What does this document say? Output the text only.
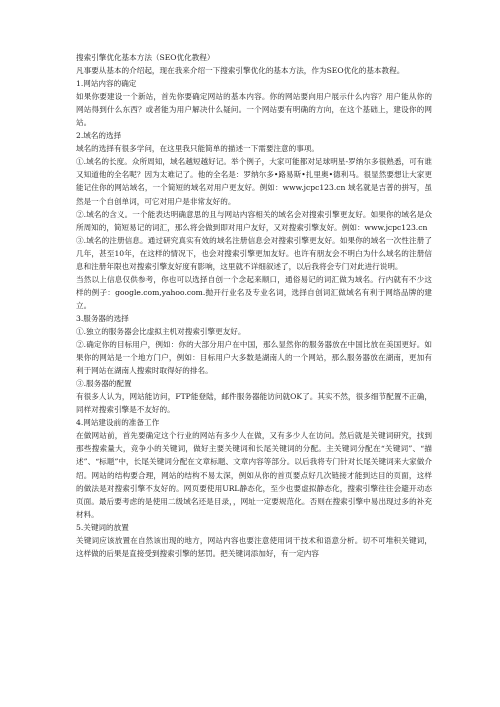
搜索引擎优化基本方法（SEO优化教程）

凡事要从基本的介绍起，现在我来介绍一下搜索引擎优化的基本方法，作为SEO优化的基本教程。

1.网站内容的确定

如果你要建设一个新站，首先你要确定网站的基本内容。你的网站要向用户展示什么内容？用户能从你的网站得到什么东西？或者能为用户解决什么疑问。一个网站要有明确的方向，在这个基础上，建设你的网站。

2.域名的选择

域名的选择有很多学问，在这里我只能简单的描述一下需要注意的事项。

①.域名的长度。众所周知，域名越短越好记。举个例子，大家可能都对足球明星-罗纳尔多很熟悉，可有谁又知道他的全名呢？因为太难记了。他的全名是：罗纳尔多•路易斯•扎里奥•德利马。很显然要想让大家更能记住你的网站域名，一个简短的域名对用户更友好。例如：www.jcpc123.cn 域名就是吉普的拼写，虽然是一个自创单词，可它对用户是非常友好的。

②.域名的含义。一个能表达明确意思的且与网站内容相关的域名会对搜索引擎更友好。如果你的域名是众所周知的，简短易记的词汇，那么将会做到即对用户友好，又对搜索引擎友好。例如：www.jcpc123.cn

③.域名的注册信息。通过研究真实有效的域名注册信息会对搜索引擎更友好。如果你的域名一次性注册了几年，甚至10年，在这样的情况下，也会对搜索引擎更加友好。也许有朋友会不明白为什么域名的注册信息和注册年限也对搜索引擎友好度有影响，这里就不详细叙述了，以后我将会专门对此进行说明。

当然以上信息仅供参考，你也可以选择自创一个念起来顺口，通俗易记的词汇做为域名。行内就有不少这样的例子：google.com,yahoo.com.抛开行业名及专业名词，选择自创词汇做域名有利于网络品牌的建立。

3.服务器的选择

①.独立的服务器会比虚拟主机对搜索引擎更友好。

②.确定你的目标用户，例如：你的大部分用户在中国，那么显然你的服务器放在中国比放在美国更好。如果你的网站是一个地方门户，例如：目标用户大多数是湖南人的一个网站，那么服务器放在湖南，更加有利于网站在湖南人搜索时取得好的排名。

③.服务器的配置

有很多人认为，网站能访问，FTP能登陆，邮件服务器能访问就OK了。其实不然，很多细节配置不正确，同样对搜索引擎是不友好的。

4.网站建设前的准备工作

在做网站前，首先要确定这个行业的网站有多少人在做，又有多少人在访问。然后就是关键词研究，找到那些搜索量大，竞争小的关键词，做好主要关键词和长尾关键词的分配。主关键词分配在“关键词”、“描述”、“标题”中，长尾关键词分配在文章标题、文章内容等部分。以后我将专门针对长尾关键词来大家做介绍。网站的结构要合理，网站的结构不易太深，例如从你的首页要点好几次链接才能到达目的页面，这样的做法是对搜索引擎不友好的。网页要使用URL静态化，至少也要虚拟静态化，搜索引擎往往会避开动态页面。最后要考虑的是使用二级域名还是目录，，网址一定要规范化。否则在搜索引擎中易出现过多的补充材料。

5.关键词的放置

关键词应该放置在自然该出现的地方，网站内容也要注意使用词干技术和语意分析。切不可堆积关键词，这样做的后果是直接受到搜索引擎的惩罚。把关键词添加好，有一定内容
